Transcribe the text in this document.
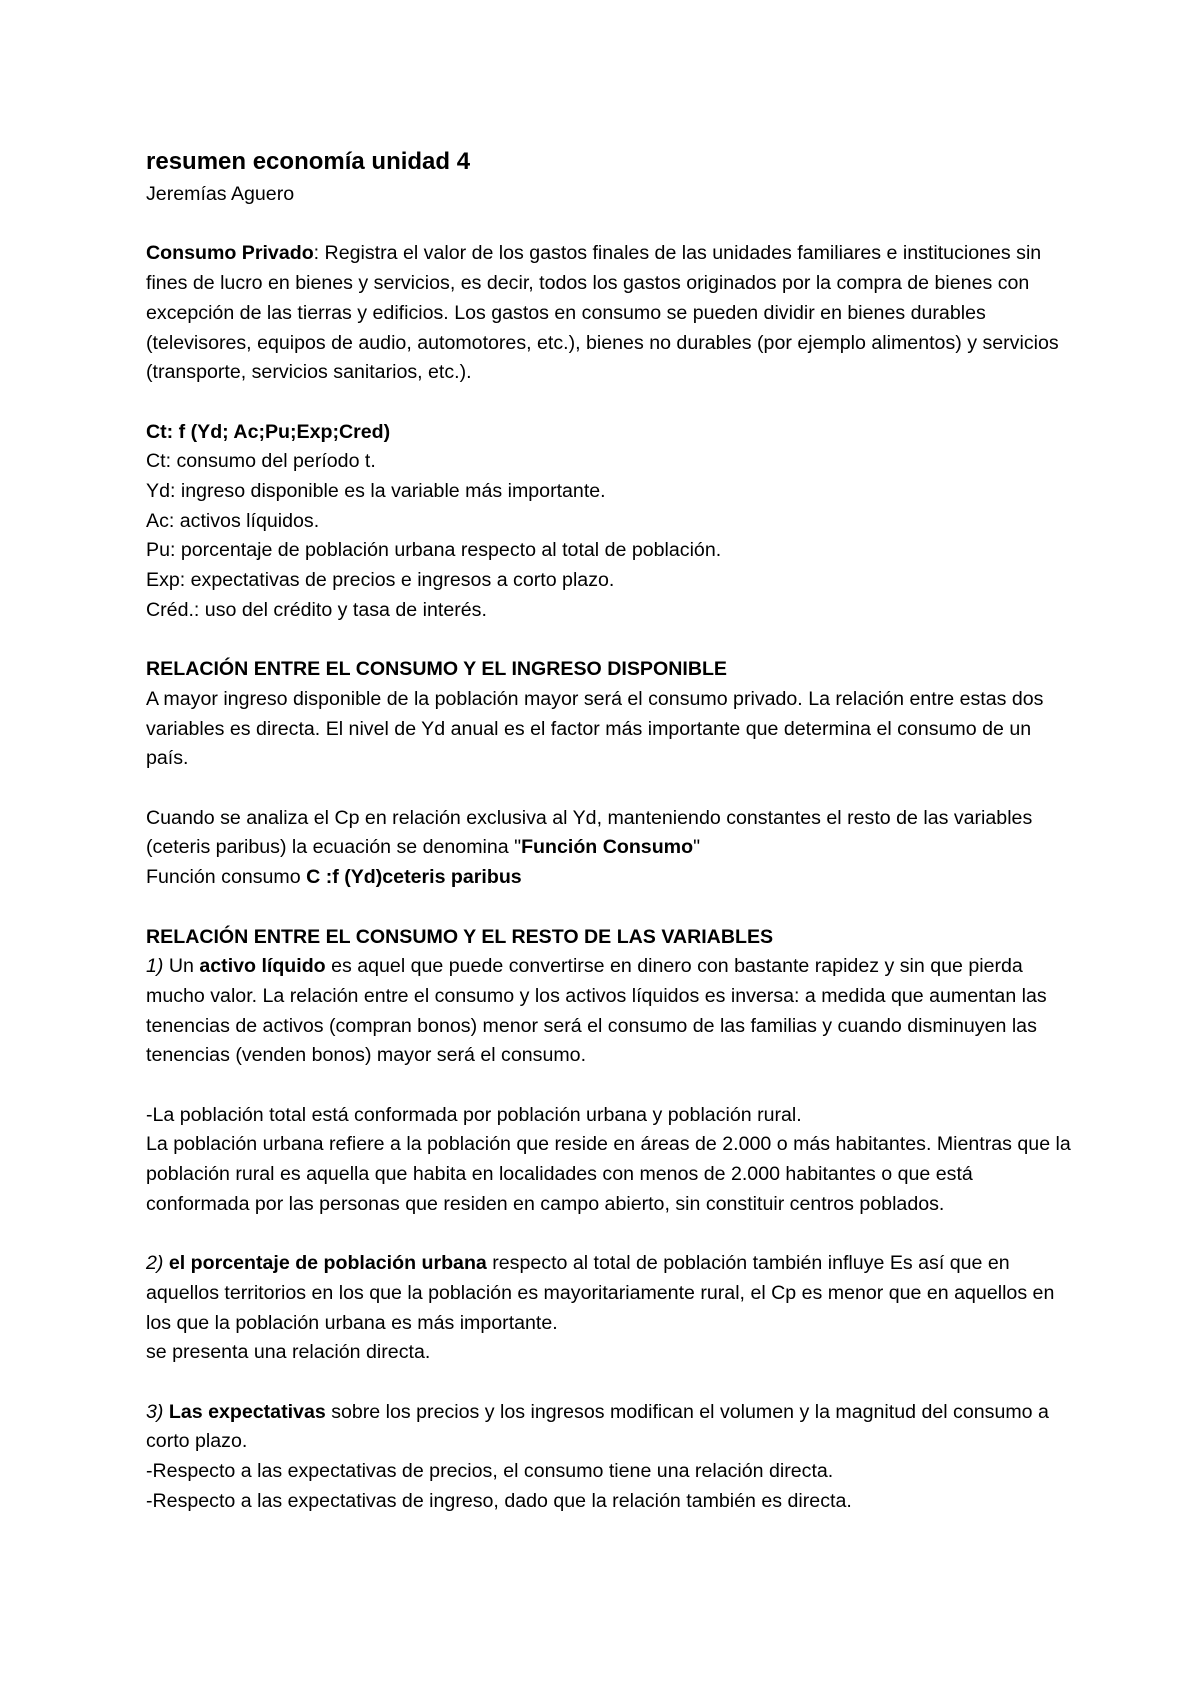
resumen economía unidad 4

Jeremías Aguero

Consumo Privado: Registra el valor de los gastos finales de las unidades familiares e instituciones sin fines de lucro en bienes y servicios, es decir, todos los gastos originados por la compra de bienes con excepción de las tierras y edificios. Los gastos en consumo se pueden dividir en bienes durables (televisores, equipos de audio, automotores, etc.), bienes no durables (por ejemplo alimentos) y servicios (transporte, servicios sanitarios, etc.).

Ct: f (Yd; Ac;Pu;Exp;Cred)

Ct: consumo del período t.

Yd: ingreso disponible es la variable más importante.

Ac: activos líquidos.

Pu: porcentaje de población urbana respecto al total de población.

Exp: expectativas de precios e ingresos a corto plazo.

Créd.: uso del crédito y tasa de interés.

RELACIÓN ENTRE EL CONSUMO Y EL INGRESO DISPONIBLE

A mayor ingreso disponible de la población mayor será el consumo privado. La relación entre estas dos variables es directa. El nivel de Yd anual es el factor más importante que determina el consumo de un país.

Cuando se analiza el Cp en relación exclusiva al Yd, manteniendo constantes el resto de las variables (ceteris paribus) la ecuación se denomina "Función Consumo"

Función consumo C :f (Yd)ceteris paribus

RELACIÓN ENTRE EL CONSUMO Y EL RESTO DE LAS VARIABLES

1) Un activo líquido es aquel que puede convertirse en dinero con bastante rapidez y sin que pierda mucho valor. La relación entre el consumo y los activos líquidos es inversa: a medida que aumentan las tenencias de activos (compran bonos) menor será el consumo de las familias y cuando disminuyen las tenencias (venden bonos) mayor será el consumo.

-La población total está conformada por población urbana y población rural.

La población urbana refiere a la población que reside en áreas de 2.000 o más habitantes. Mientras que la población rural es aquella que habita en localidades con menos de 2.000 habitantes o que está conformada por las personas que residen en campo abierto, sin constituir centros poblados.

2) el porcentaje de población urbana respecto al total de población también influye Es así que en aquellos territorios en los que la población es mayoritariamente rural, el Cp es menor que en aquellos en los que la población urbana es más importante.

se presenta una relación directa.

3) Las expectativas sobre los precios y los ingresos modifican el volumen y la magnitud del consumo a corto plazo.

-Respecto a las expectativas de precios, el consumo tiene una relación directa.

-Respecto a las expectativas de ingreso, dado que la relación también es directa.
